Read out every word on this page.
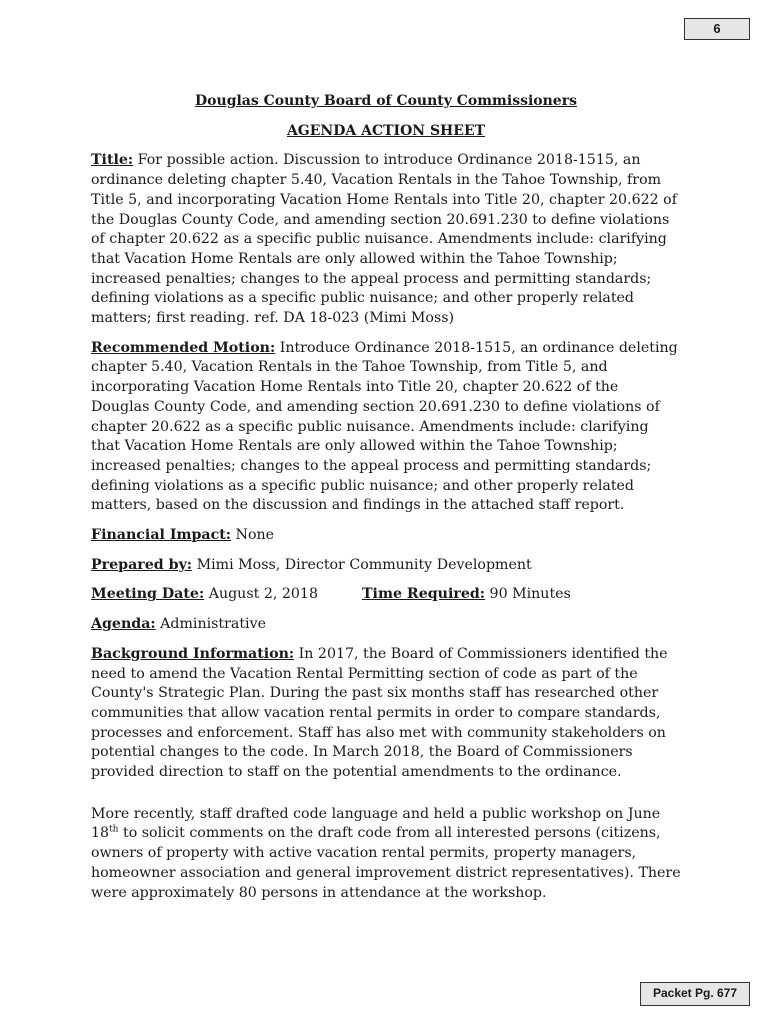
6
Douglas County Board of County Commissioners
AGENDA ACTION SHEET

Title: For possible action. Discussion to introduce Ordinance 2018-1515, an ordinance deleting chapter 5.40, Vacation Rentals in the Tahoe Township, from Title 5, and incorporating Vacation Home Rentals into Title 20, chapter 20.622 of the Douglas County Code, and amending section 20.691.230 to define violations of chapter 20.622 as a specific public nuisance. Amendments include: clarifying that Vacation Home Rentals are only allowed within the Tahoe Township; increased penalties; changes to the appeal process and permitting standards; defining violations as a specific public nuisance; and other properly related matters; first reading. ref. DA 18-023 (Mimi Moss)

Recommended Motion: Introduce Ordinance 2018-1515, an ordinance deleting chapter 5.40, Vacation Rentals in the Tahoe Township, from Title 5, and incorporating Vacation Home Rentals into Title 20, chapter 20.622 of the Douglas County Code, and amending section 20.691.230 to define violations of chapter 20.622 as a specific public nuisance. Amendments include: clarifying that Vacation Home Rentals are only allowed within the Tahoe Township; increased penalties; changes to the appeal process and permitting standards; defining violations as a specific public nuisance; and other properly related matters, based on the discussion and findings in the attached staff report.

Financial Impact: None
Prepared by: Mimi Moss, Director Community Development
Meeting Date: August 2, 2018	Time Required: 90 Minutes
Agenda: Administrative

Background Information: In 2017, the Board of Commissioners identified the need to amend the Vacation Rental Permitting section of code as part of the County's Strategic Plan. During the past six months staff has researched other communities that allow vacation rental permits in order to compare standards, processes and enforcement. Staff has also met with community stakeholders on potential changes to the code. In March 2018, the Board of Commissioners provided direction to staff on the potential amendments to the ordinance.

More recently, staff drafted code language and held a public workshop on June 18th to solicit comments on the draft code from all interested persons (citizens, owners of property with active vacation rental permits, property managers, homeowner association and general improvement district representatives). There were approximately 80 persons in attendance at the workshop.

Packet Pg. 677
